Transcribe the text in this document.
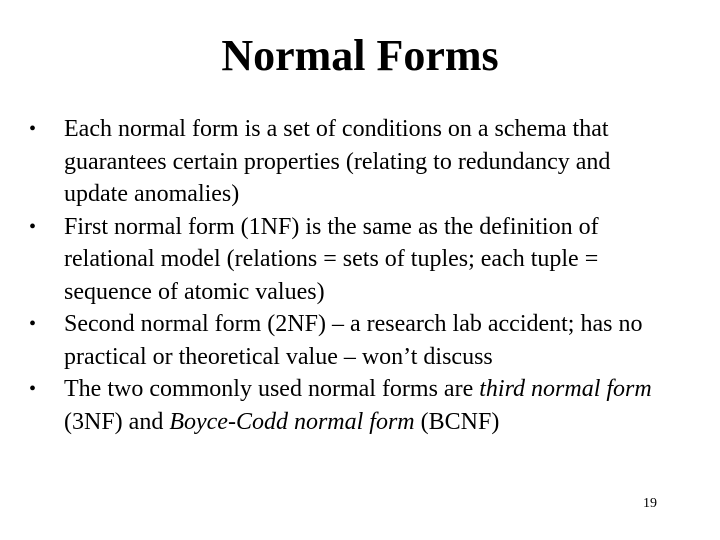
Normal Forms
•	Each normal form is a set of conditions on a schema that guarantees certain properties (relating to redundancy and update anomalies)
•	First normal form (1NF) is the same as the definition of relational model (relations = sets of tuples; each tuple = sequence of atomic values)
•	Second normal form (2NF) – a research lab accident; has no practical or theoretical value – won’t discuss
•	The two commonly used normal forms are third normal form (3NF) and Boyce-Codd normal form (BCNF)
19
